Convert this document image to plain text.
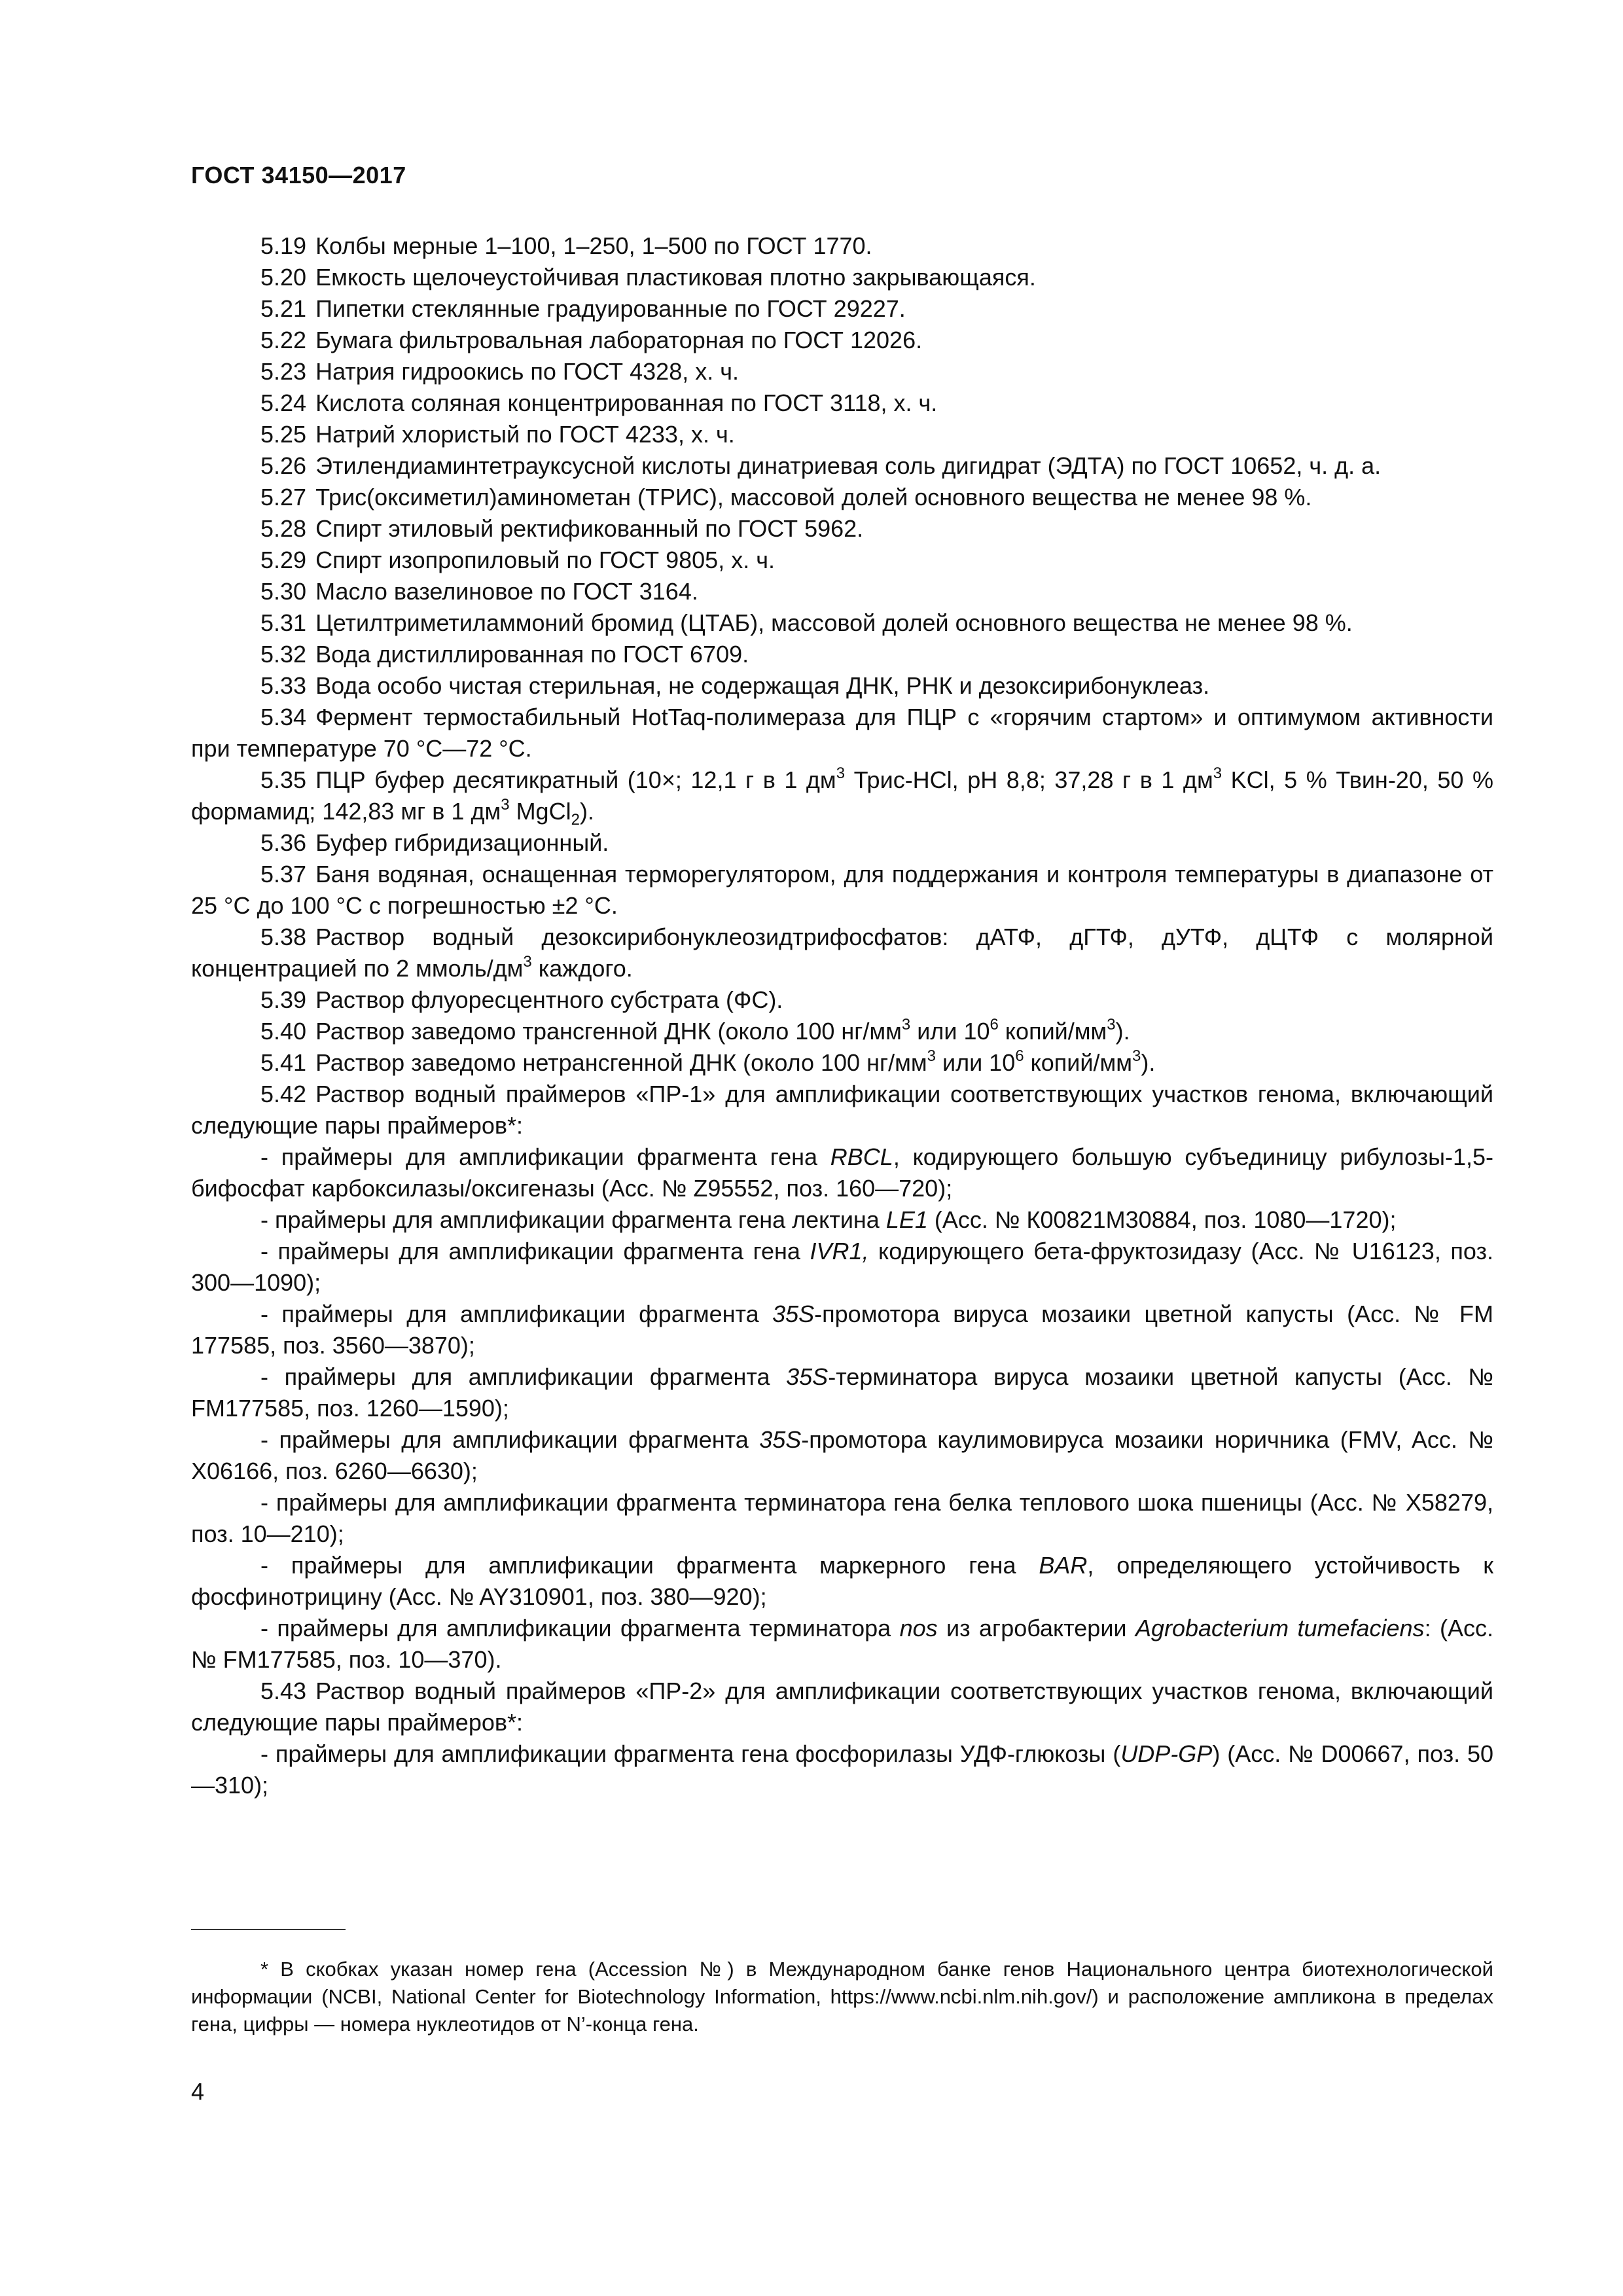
ГОСТ 34150—2017

5.19 Колбы мерные 1–100, 1–250, 1–500 по ГОСТ 1770.

5.20 Емкость щелочеустойчивая пластиковая плотно закрывающаяся.

5.21 Пипетки стеклянные градуированные по ГОСТ 29227.

5.22 Бумага фильтровальная лабораторная по ГОСТ 12026.

5.23 Натрия гидроокись по ГОСТ 4328, х. ч.

5.24 Кислота соляная концентрированная по ГОСТ 3118, х. ч.

5.25 Натрий хлористый по ГОСТ 4233, х. ч.

5.26 Этилендиаминтетрауксусной кислоты динатриевая соль дигидрат (ЭДТА) по ГОСТ 10652, ч. д. а.

5.27 Трис(оксиметил)аминометан (ТРИС), массовой долей основного вещества не менее 98 %.

5.28 Спирт этиловый ректификованный по ГОСТ 5962.

5.29 Спирт изопропиловый по ГОСТ 9805, х. ч.

5.30 Масло вазелиновое по ГОСТ 3164.

5.31 Цетилтриметиламмоний бромид (ЦТАБ), массовой долей основного вещества не менее 98 %.

5.32 Вода дистиллированная по ГОСТ 6709.

5.33 Вода особо чистая стерильная, не содержащая ДНК, РНК и дезоксирибонуклеаз.

5.34 Фермент термостабильный HotTaq-полимераза для ПЦР с «горячим стартом» и оптимумом активности при температуре 70 °С—72 °С.

5.35 ПЦР буфер десятикратный (10×; 12,1 г в 1 $дм^3$ Трис-HCl, pH 8,8; 37,28 г в 1 $дм^3$ KCl, 5 % Твин-20, 50 % формамид; 142,83 мг в 1 $дм^3$ MgCl$_2$).

5.36 Буфер гибридизационный.

5.37 Баня водяная, оснащенная терморегулятором, для поддержания и контроля температуры в диапазоне от 25 °С до 100 °С с погрешностью ±2 °С.

5.38 Раствор водный дезоксирибонуклеозидтрифосфатов: дАТФ, дГТФ, дУТФ, дЦТФ с молярной концентрацией по 2 ммоль/$дм^3$ каждого.

5.39 Раствор флуоресцентного субстрата (ФС).

5.40 Раствор заведомо трансгенной ДНК (около 100 $нг/мм^3$ или $10^6$ копий/$мм^3$).

5.41 Раствор заведомо нетрансгенной ДНК (около 100 $нг/мм^3$ или $10^6$ копий/$мм^3$).

5.42 Раствор водный праймеров «ПР-1» для амплификации соответствующих участков генома, включающий следующие пары праймеров*:

- праймеры для амплификации фрагмента гена RBCL, кодирующего большую субъединицу рибулозы-1,5-бифосфат карбоксилазы/оксигеназы (Acc. № Z95552, поз. 160—720);

- праймеры для амплификации фрагмента гена лектина LE1 (Acc. № К00821М30884, поз. 1080—1720);

- праймеры для амплификации фрагмента гена IVR1, кодирующего бета-фруктозидазу (Acc. № U16123, поз. 300—1090);

- праймеры для амплификации фрагмента 35S-промотора вируса мозаики цветной капусты (Acc. № FM 177585, поз. 3560—3870);

- праймеры для амплификации фрагмента 35S-терминатора вируса мозаики цветной капусты (Acc. № FM177585, поз. 1260—1590);

- праймеры для амплификации фрагмента 35S-промотора каулимовируса мозаики норичника (FMV, Acc. № X06166, поз. 6260—6630);

- праймеры для амплификации фрагмента терминатора гена белка теплового шока пшеницы (Acc. № X58279, поз. 10—210);

- праймеры для амплификации фрагмента маркерного гена BAR, определяющего устойчивость к фосфинотрицину (Acc. № AY310901, поз. 380—920);

- праймеры для амплификации фрагмента терминатора nos из агробактерии Agrobacterium tumefaciens: (Acc. № FM177585, поз. 10—370).

5.43 Раствор водный праймеров «ПР-2» для амплификации соответствующих участков генома, включающий следующие пары праймеров*:

- праймеры для амплификации фрагмента гена фосфорилазы УДФ-глюкозы (UDP-GP) (Acc. № D00667, поз. 50—310);

* В скобках указан номер гена (Accession №) в Международном банке генов Национального центра биотехнологической информации (NCBI, National Center for Biotechnology Information, https://www.ncbi.nlm.nih.gov/) и расположение ампликона в пределах гена, цифры — номера нуклеотидов от N’-конца гена.
4
